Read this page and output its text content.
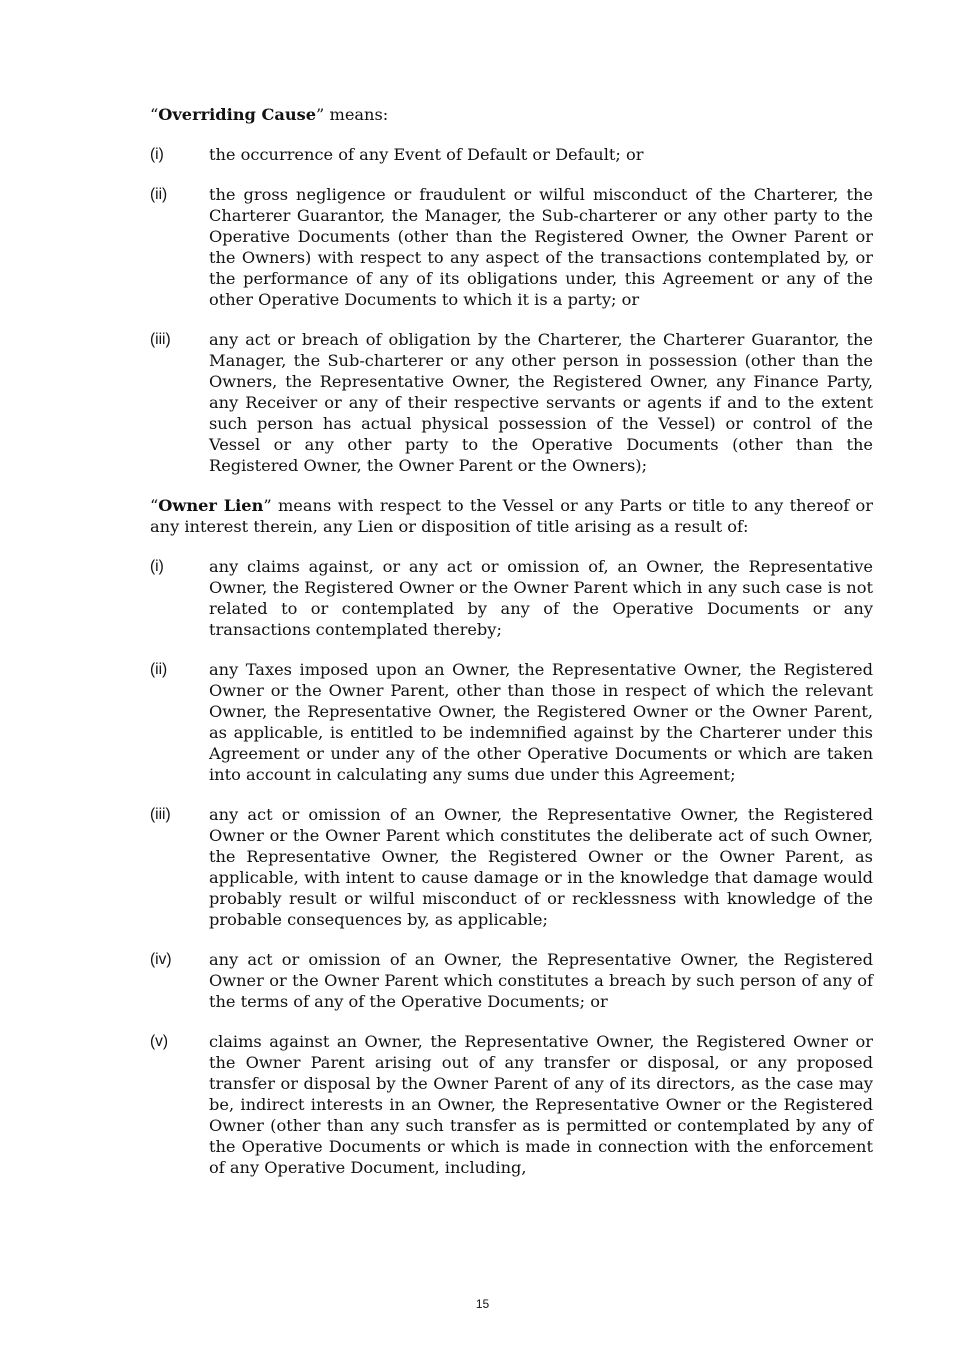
“Overriding Cause” means:

(i)	the occurrence of any Event of Default or Default; or
(ii)	the gross negligence or fraudulent or wilful misconduct of the Charterer, the Charterer Guarantor, the Manager, the Sub-charterer or any other party to the Operative Documents (other than the Registered Owner, the Owner Parent or the Owners) with respect to any aspect of the transactions contemplated by, or the performance of any of its obligations under, this Agreement or any of the other Operative Documents to which it is a party; or
(iii) any act or breach of obligation by the Charterer, the Charterer Guarantor, the Manager, the Sub-charterer or any other person in possession (other than the Owners, the Representative Owner, the Registered Owner, any Finance Party, any Receiver or any of their respective servants or agents if and to the extent such person has actual physical possession of the Vessel) or control of the Vessel or any other party to the Operative Documents (other than the Registered Owner, the Owner Parent or the Owners);

“Owner Lien” means with respect to the Vessel or any Parts or title to any thereof or any interest therein, any Lien or disposition of title arising as a result of:

(i)	any claims against, or any act or omission of, an Owner, the Representative Owner, the Registered Owner or the Owner Parent which in any such case is not related to or contemplated by any of the Operative Documents or any transactions contemplated thereby;
(ii)	any Taxes imposed upon an Owner, the Representative Owner, the Registered Owner or the Owner Parent, other than those in respect of which the relevant Owner, the Representative Owner, the Registered Owner or the Owner Parent, as applicable, is entitled to be indemnified against by the Charterer under this Agreement or under any of the other Operative Documents or which are taken into account in calculating any sums due under this Agreement;
(iii) any act or omission of an Owner, the Representative Owner, the Registered Owner or the Owner Parent which constitutes the deliberate act of such Owner, the Representative Owner, the Registered Owner or the Owner Parent, as applicable, with intent to cause damage or in the knowledge that damage would probably result or wilful misconduct of or recklessness with knowledge of the probable consequences by, as applicable;
(iv) any act or omission of an Owner, the Representative Owner, the Registered Owner or the Owner Parent which constitutes a breach by such person of any of the terms of any of the Operative Documents; or
(v)	claims against an Owner, the Representative Owner, the Registered Owner or the Owner Parent arising out of any transfer or disposal, or any proposed transfer or disposal by the Owner Parent of any of its directors, as the case may be, indirect interests in an Owner, the Representative Owner or the Registered Owner (other than any such transfer as is permitted or contemplated by any of the Operative Documents or which is made in connection with the enforcement of any Operative Document, including,
15
